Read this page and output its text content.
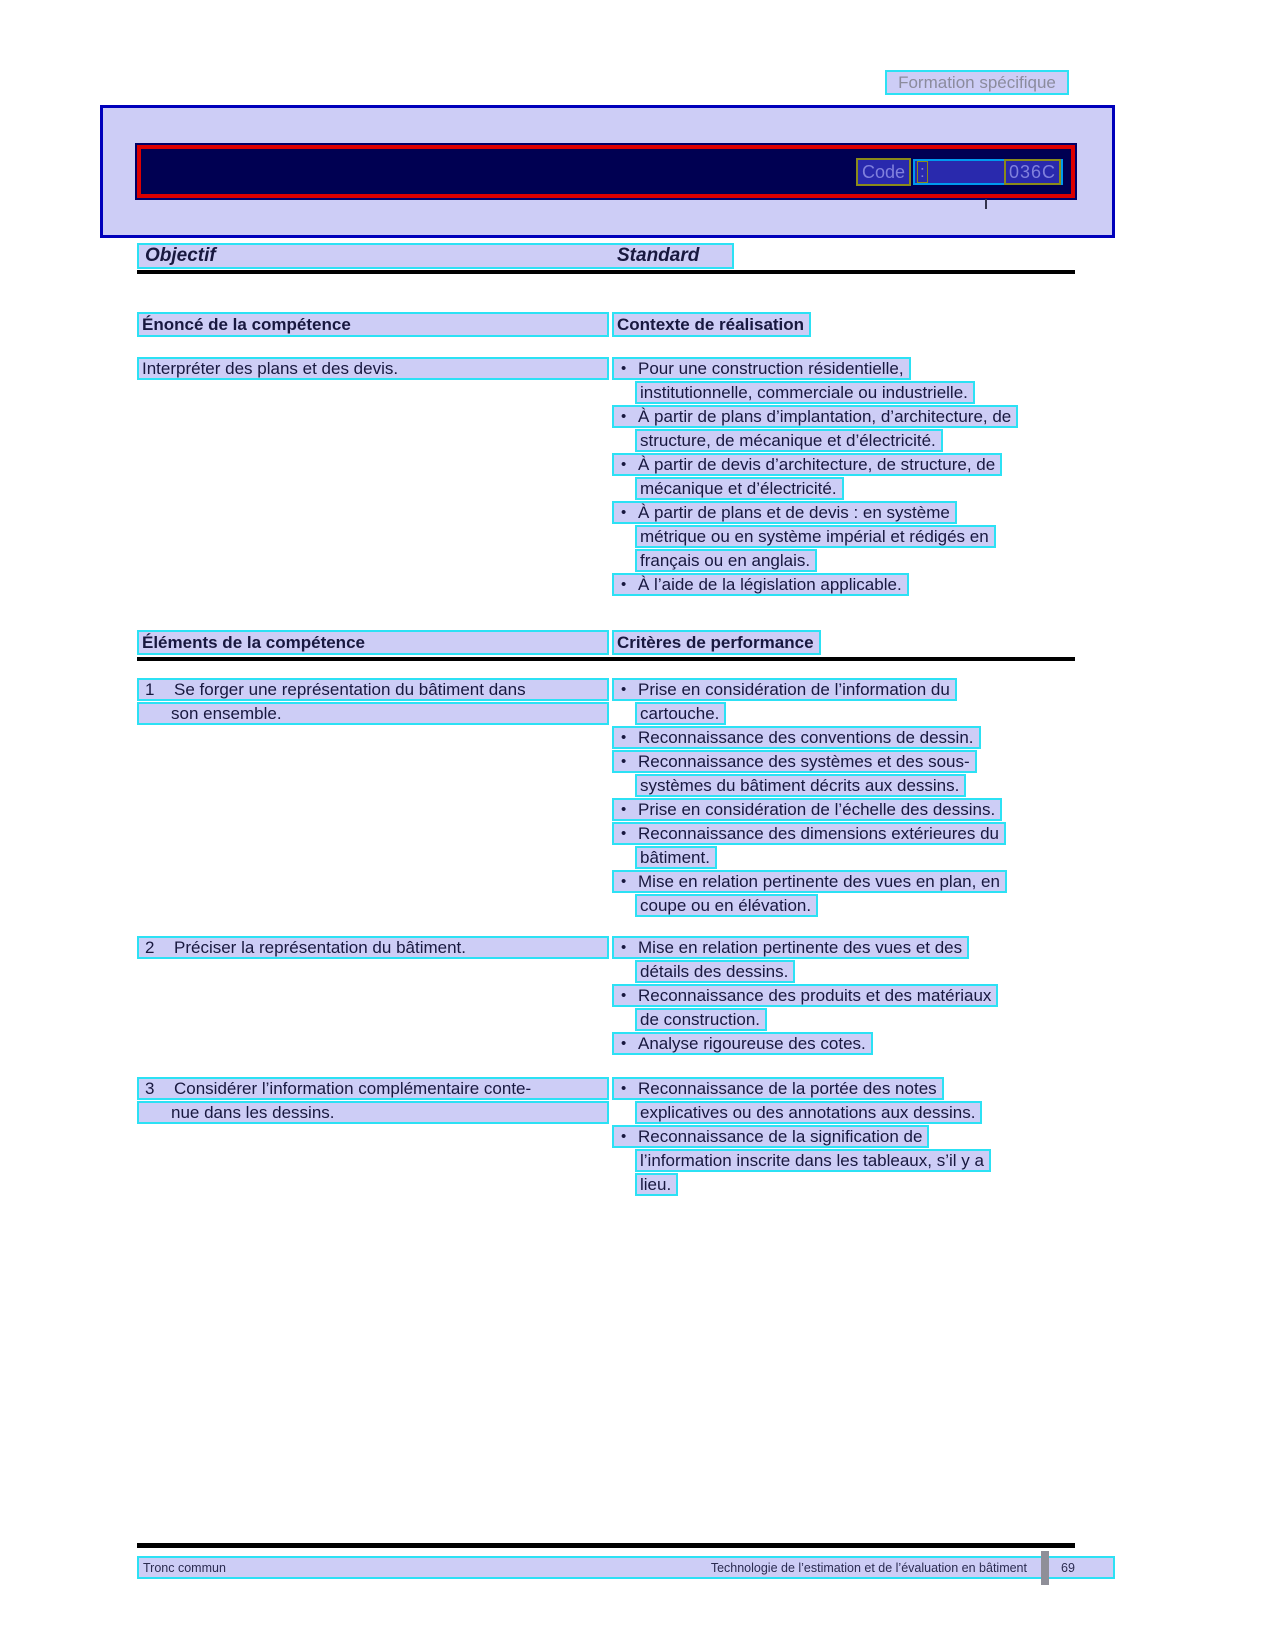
Formation spécifique
Code :	036C
Objectif	Standard
Énoncé de la compétence	Contexte de réalisation
Interpréter des plans et des devis.	• Pour une construction résidentielle,
institutionnelle, commerciale ou industrielle.
• À partir de plans d’implantation, d’architecture, de
structure, de mécanique et d’électricité.
• À partir de devis d’architecture, de structure, de
mécanique et d’électricité.
• À partir de plans et de devis : en système
métrique ou en système impérial et rédigés en
français ou en anglais.
• À l’aide de la législation applicable.
Éléments de la compétence	Critères de performance
1	Se forger une représentation du bâtiment dans
son ensemble.
• Prise en considération de l’information du
cartouche.
• Reconnaissance des conventions de dessin.
• Reconnaissance des systèmes et des sous-
systèmes du bâtiment décrits aux dessins.
• Prise en considération de l’échelle des dessins.
• Reconnaissance des dimensions extérieures du
bâtiment.
• Mise en relation pertinente des vues en plan, en
coupe ou en élévation.
2	Préciser la représentation du bâtiment.	• Mise en relation pertinente des vues et des
détails des dessins.
• Reconnaissance des produits et des matériaux
de construction.
• Analyse rigoureuse des cotes.
3	Considérer l’information complémentaire conte-
nue dans les dessins.
• Reconnaissance de la portée des notes
explicatives ou des annotations aux dessins.
• Reconnaissance de la signification de
l’information inscrite dans les tableaux, s’il y a
lieu.
Tronc commun	Technologie de l’estimation et de l’évaluation en bâtiment	69
